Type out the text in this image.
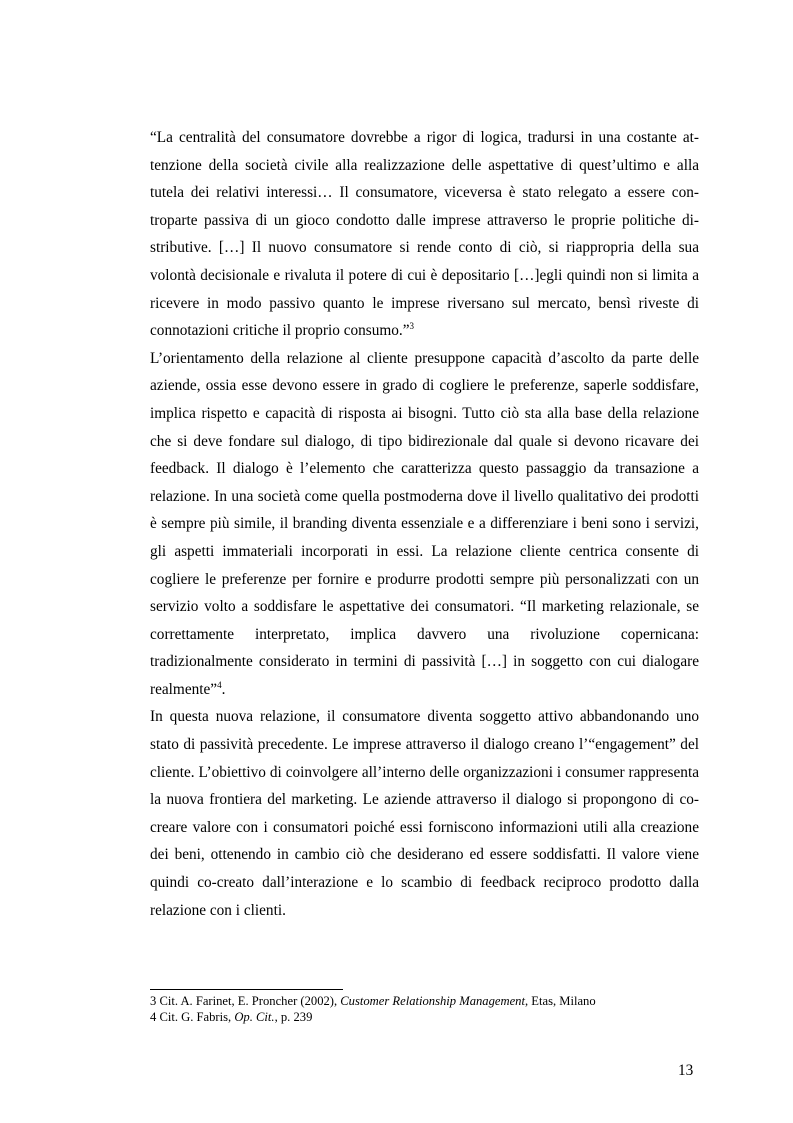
“La centralità del consumatore dovrebbe a rigor di logica, tradursi in una costante attenzione della società civile alla realizzazione delle aspettative di quest’ultimo e alla tutela dei relativi interessi… Il consumatore, viceversa è stato relegato a essere controparte passiva di un gioco condotto dalle imprese attraverso le proprie politiche distributive. […] Il nuovo consumatore si rende conto di ciò, si riappropria della sua volontà decisionale e rivaluta il potere di cui è depositario […]egli quindi non si limita a ricevere in modo passivo quanto le imprese riversano sul mercato, bensì riveste di connotazioni critiche il proprio consumo.”$^3$

L’orientamento della relazione al cliente presuppone capacità d’ascolto da parte delle aziende, ossia esse devono essere in grado di cogliere le preferenze, saperle soddisfare, implica rispetto e capacità di risposta ai bisogni. Tutto ciò sta alla base della relazione che si deve fondare sul dialogo, di tipo bidirezionale dal quale si devono ricavare dei feedback. Il dialogo è l’elemento che caratterizza questo passaggio da transazione a relazione. In una società come quella postmoderna dove il livello qualitativo dei prodotti è sempre più simile, il branding diventa essenziale e a differenziare i beni sono i servizi, gli aspetti immateriali incorporati in essi. La relazione cliente centrica consente di cogliere le preferenze per fornire e produrre prodotti sempre più personalizzati con un servizio volto a soddisfare le aspettative dei consumatori. “Il marketing relazionale, se correttamente interpretato, implica davvero una rivoluzione copernicana: tradizionalmente considerato in termini di passività […] in soggetto con cui dialogare realmente”$^4$.

In questa nuova relazione, il consumatore diventa soggetto attivo abbandonando uno stato di passività precedente. Le imprese attraverso il dialogo creano l’“engagement” del cliente. L’obiettivo di coinvolgere all’interno delle organizzazioni i consumer rappresenta la nuova frontiera del marketing. Le aziende attraverso il dialogo si propongono di co-creare valore con i consumatori poiché essi forniscono informazioni utili alla creazione dei beni, ottenendo in cambio ciò che desiderano ed essere soddisfatti. Il valore viene quindi co-creato dall’interazione e lo scambio di feedback reciproco prodotto dalla relazione con i clienti.

3 Cit. A. Farinet, E. Proncher (2002), Customer Relationship Management, Etas, Milano

4 Cit. G. Fabris, Op. Cit., p. 239

13
